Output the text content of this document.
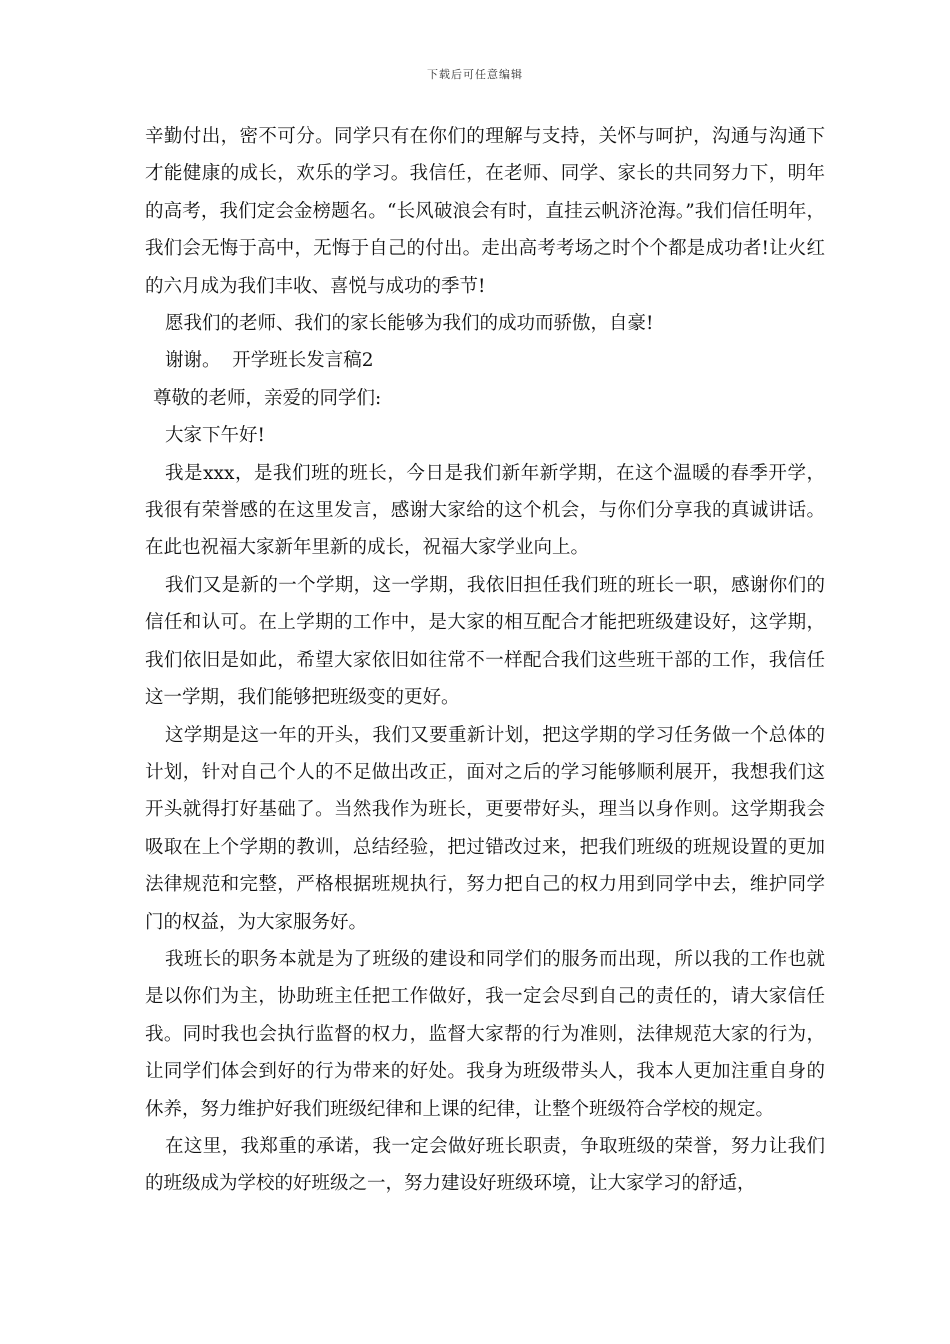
下载后可任意编辑

辛勤付出，密不可分。同学只有在你们的理解与支持，关怀与呵护，沟通与沟通下才能健康的成长，欢乐的学习。我信任，在老师、同学、家长的共同努力下，明年的高考，我们定会金榜题名。“长风破浪会有时，直挂云帆济沧海。”我们信任明年，我们会无悔于高中，无悔于自己的付出。走出高考考场之时个个都是成功者!让火红的六月成为我们丰收、喜悦与成功的季节!

愿我们的老师、我们的家长能够为我们的成功而骄傲，自豪!

谢谢。  开学班长发言稿2

尊敬的老师，亲爱的同学们:

大家下午好!

我是xxx，是我们班的班长，今日是我们新年新学期，在这个温暖的春季开学，我很有荣誉感的在这里发言，感谢大家给的这个机会，与你们分享我的真诚讲话。在此也祝福大家新年里新的成长，祝福大家学业向上。

我们又是新的一个学期，这一学期，我依旧担任我们班的班长一职，感谢你们的信任和认可。在上学期的工作中，是大家的相互配合才能把班级建设好，这学期，我们依旧是如此，希望大家依旧如往常不一样配合我们这些班干部的工作，我信任这一学期，我们能够把班级变的更好。

这学期是这一年的开头，我们又要重新计划，把这学期的学习任务做一个总体的计划，针对自己个人的不足做出改正，面对之后的学习能够顺利展开，我想我们这开头就得打好基础了。当然我作为班长，更要带好头，理当以身作则。这学期我会吸取在上个学期的教训，总结经验，把过错改过来，把我们班级的班规设置的更加法律规范和完整，严格根据班规执行，努力把自己的权力用到同学中去，维护同学门的权益，为大家服务好。

我班长的职务本就是为了班级的建设和同学们的服务而出现，所以我的工作也就是以你们为主，协助班主任把工作做好，我一定会尽到自己的责任的，请大家信任我。同时我也会执行监督的权力，监督大家帮的行为准则，法律规范大家的行为，让同学们体会到好的行为带来的好处。我身为班级带头人，我本人更加注重自身的休养，努力维护好我们班级纪律和上课的纪律，让整个班级符合学校的规定。

在这里，我郑重的承诺，我一定会做好班长职责，争取班级的荣誉，努力让我们的班级成为学校的好班级之一，努力建设好班级环境，让大家学习的舒适，
